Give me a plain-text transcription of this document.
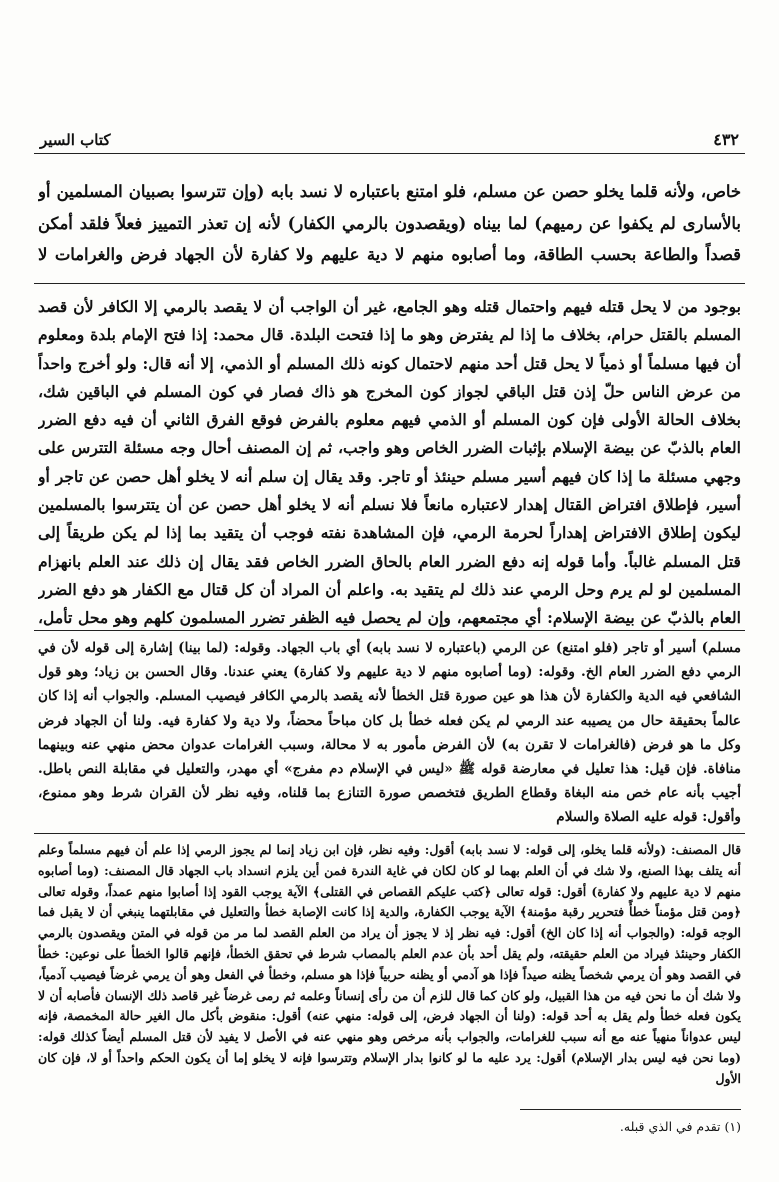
٤٣٢
كتاب السير

خاص، ولأنه قلما يخلو حصن عن مسلم، فلو امتنع باعتباره لا نسد بابه (وإن تترسوا بصبيان المسلمين أو بالأسارى لم يكفوا عن رميهم) لما بيناه (ويقصدون بالرمي الكفار) لأنه إن تعذر التمييز فعلاً فلقد أمكن قصداً والطاعة بحسب الطاقة، وما أصابوه منهم لا دية عليهم ولا كفارة لأن الجهاد فرض والغرامات لا

بوجود من لا يحل قتله فيهم واحتمال قتله وهو الجامع، غير أن الواجب أن لا يقصد بالرمي إلا الكافر لأن قصد المسلم بالقتل حرام، بخلاف ما إذا لم يفترض وهو ما إذا فتحت البلدة. قال محمد: إذا فتح الإمام بلدة ومعلوم أن فيها مسلماً أو ذمياً لا يحل قتل أحد منهم لاحتمال كونه ذلك المسلم أو الذمي، إلا أنه قال: ولو أخرج واحداً من عرض الناس حلّ إذن قتل الباقي لجواز كون المخرج هو ذاك فصار في كون المسلم في الباقين شك، بخلاف الحالة الأولى فإن كون المسلم أو الذمي فيهم معلوم بالفرض فوقع الفرق الثاني أن فيه دفع الضرر العام بالذبّ عن بيضة الإسلام بإثبات الضرر الخاص وهو واجب، ثم إن المصنف أحال وجه مسئلة التترس على وجهي مسئلة ما إذا كان فيهم أسير مسلم حينئذ أو تاجر. وقد يقال إن سلم أنه لا يخلو أهل حصن عن تاجر أو أسير، فإطلاق افتراض القتال إهدار لاعتباره مانعاً فلا نسلم أنه لا يخلو أهل حصن عن أن يتترسوا بالمسلمين ليكون إطلاق الافتراض إهداراً لحرمة الرمي، فإن المشاهدة نفته فوجب أن يتقيد بما إذا لم يكن طريقاً إلى قتل المسلم غالباً. وأما قوله إنه دفع الضرر العام بالحاق الضرر الخاص فقد يقال إن ذلك عند العلم بانهزام المسلمين لو لم يرم وحل الرمي عند ذلك لم يتقيد به. واعلم أن المراد أن كل قتال مع الكفار هو دفع الضرر العام بالذبّ عن بيضة الإسلام: أي مجتمعهم، وإن لم يحصل فيه الظفر تضرر المسلمون كلهم وهو محل تأمل،

مسلم) أسير أو تاجر (فلو امتنع) عن الرمي (باعتباره لا نسد بابه) أي باب الجهاد. وقوله: (لما بينا) إشارة إلى قوله لأن في الرمي دفع الضرر العام الخ. وقوله: (وما أصابوه منهم لا دية عليهم ولا كفارة) يعني عندنا. وقال الحسن بن زياد؛ وهو قول الشافعي فيه الدية والكفارة لأن هذا هو عين صورة قتل الخطأ لأنه يقصد بالرمي الكافر فيصيب المسلم. والجواب أنه إذا كان عالماً بحقيقة حال من يصيبه عند الرمي لم يكن فعله خطأ بل كان مباحاً محضاً، ولا دية ولا كفارة فيه. ولنا أن الجهاد فرض وكل ما هو فرض (فالغرامات لا تقرن به) لأن الفرض مأمور به لا محالة، وسبب الغرامات عدوان محض منهي عنه وبينهما منافاة. فإن قيل: هذا تعليل في معارضة قوله ﷺ «ليس في الإسلام دم مفرج» أي مهدر، والتعليل في مقابلة النص باطل. أجيب بأنه عام خص منه البغاة وقطاع الطريق فتخصص صورة التنازع بما قلناه، وفيه نظر لأن القران شرط وهو ممنوع، وأقول: قوله عليه الصلاة والسلام

قال المصنف: (ولأنه قلما يخلو، إلى قوله: لا نسد بابه) أقول: وفيه نظر، فإن ابن زياد إنما لم يجوز الرمي إذا علم أن فيهم مسلماً وعلم أنه يتلف بهذا الصنع، ولا شك في أن العلم بهما لو كان لكان في غاية الندرة فمن أين يلزم انسداد باب الجهاد قال المصنف: (وما أصابوه منهم لا دية عليهم ولا كفارة) أقول: قوله تعالى ﴿كتب عليكم القصاص في القتلى﴾ الآية يوجب القود إذا أصابوا منهم عمداً، وقوله تعالى ﴿ومن قتل مؤمناً خطأً فتحرير رقبة مؤمنة﴾ الآية يوجب الكفارة، والدية إذا كانت الإصابة خطأ والتعليل في مقابلتهما ينبغي أن لا يقبل فما الوجه قوله: (والجواب أنه إذا كان الخ) أقول: فيه نظر إذ لا يجوز أن يراد من العلم القصد لما مر من قوله في المتن ويقصدون بالرمي الكفار وحينئذ فيراد من العلم حقيقته، ولم يقل أحد بأن عدم العلم بالمصاب شرط في تحقق الخطأ، فإنهم قالوا الخطأ على نوعين: خطأ في القصد وهو أن يرمي شخصاً يظنه صيداً فإذا هو آدمي أو يظنه حربياً فإذا هو مسلم، وخطأ في الفعل وهو أن يرمي غرضاً فيصيب آدمياً، ولا شك أن ما نحن فيه من هذا القبيل، ولو كان كما قال للزم أن من رأى إنساناً وعلمه ثم رمى غرضاً غير قاصد ذلك الإنسان فأصابه أن لا يكون فعله خطأ ولم يقل به أحد قوله: (ولنا أن الجهاد فرض، إلى قوله: منهي عنه) أقول: منقوض بأكل مال الغير حالة المخمصة، فإنه ليس عدواناً منهياً عنه مع أنه سبب للغرامات، والجواب بأنه مرخص وهو منهي عنه في الأصل لا يفيد لأن قتل المسلم أيضاً كذلك قوله: (وما نحن فيه ليس بدار الإسلام) أقول: يرد عليه ما لو كانوا بدار الإسلام وتترسوا فإنه لا يخلو إما أن يكون الحكم واحداً أو لا، فإن كان الأول

(١) تقدم في الذي قبله.
